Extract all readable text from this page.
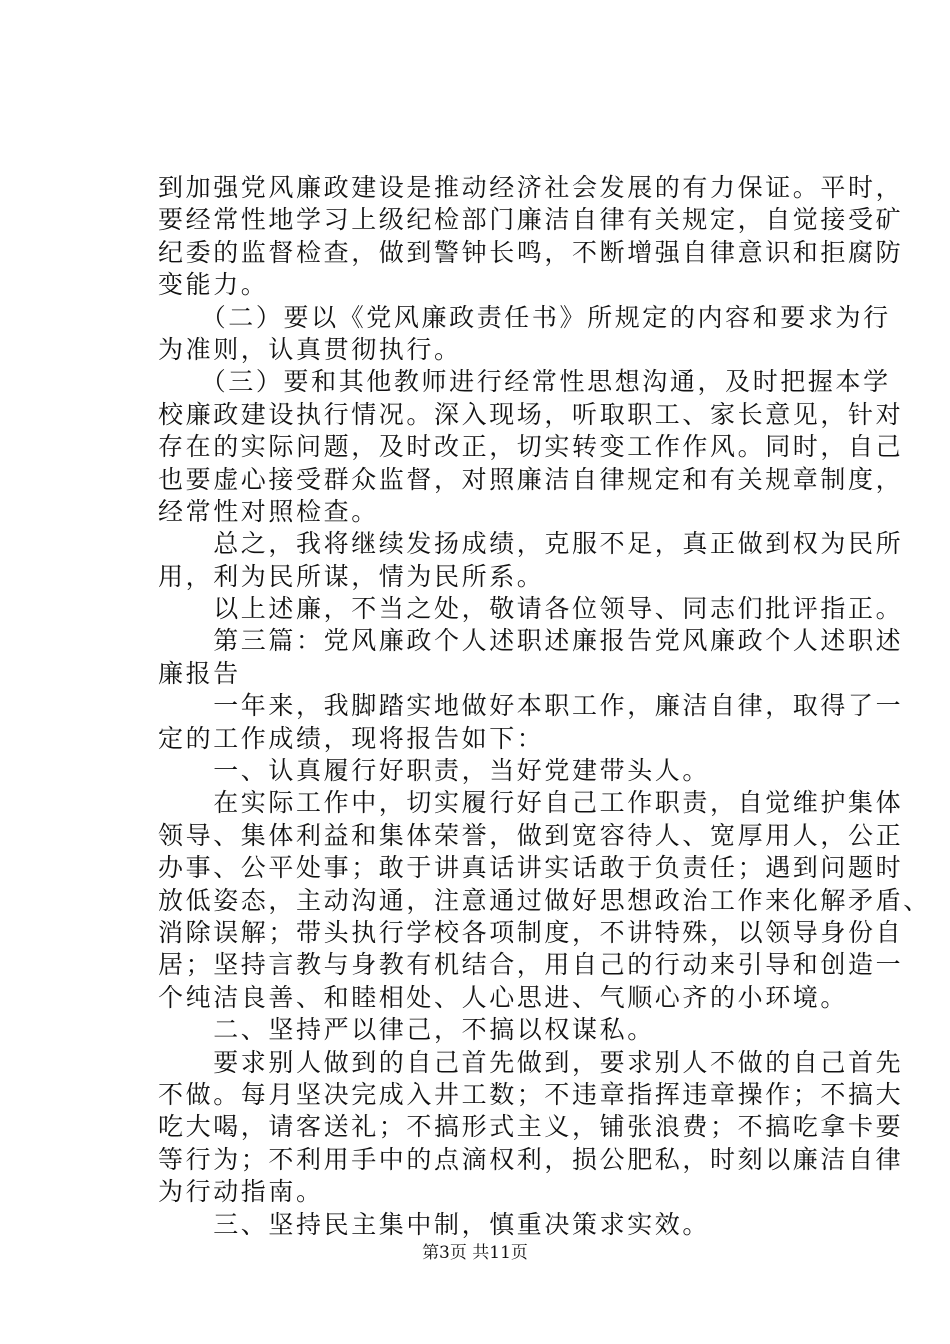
到加强党风廉政建设是推动经济社会发展的有力保证。平时，
要经常性地学习上级纪检部门廉洁自律有关规定，自觉接受矿
纪委的监督检查，做到警钟长鸣，不断增强自律意识和拒腐防
变能力。
　　（二）要以《党风廉政责任书》所规定的内容和要求为行
为准则，认真贯彻执行。
　　（三）要和其他教师进行经常性思想沟通，及时把握本学
校廉政建设执行情况。深入现场，听取职工、家长意见，针对
存在的实际问题，及时改正，切实转变工作作风。同时，自己
也要虚心接受群众监督，对照廉洁自律规定和有关规章制度，
经常性对照检查。
　　总之，我将继续发扬成绩，克服不足，真正做到权为民所
用，利为民所谋，情为民所系。
　　以上述廉，不当之处，敬请各位领导、同志们批评指正。
　　第三篇：党风廉政个人述职述廉报告党风廉政个人述职述
廉报告
　　一年来，我脚踏实地做好本职工作，廉洁自律，取得了一
定的工作成绩，现将报告如下：
　　一、认真履行好职责，当好党建带头人。
　　在实际工作中，切实履行好自己工作职责，自觉维护集体
领导、集体利益和集体荣誉，做到宽容待人、宽厚用人，公正
办事、公平处事；敢于讲真话讲实话敢于负责任；遇到问题时
放低姿态，主动沟通，注意通过做好思想政治工作来化解矛盾、
消除误解；带头执行学校各项制度，不讲特殊，以领导身份自
居；坚持言教与身教有机结合，用自己的行动来引导和创造一
个纯洁良善、和睦相处、人心思进、气顺心齐的小环境。
　　二、坚持严以律己，不搞以权谋私。
　　要求别人做到的自己首先做到，要求别人不做的自己首先
不做。每月坚决完成入井工数；不违章指挥违章操作；不搞大
吃大喝，请客送礼；不搞形式主义，铺张浪费；不搞吃拿卡要
等行为；不利用手中的点滴权利，损公肥私，时刻以廉洁自律
为行动指南。
　　三、坚持民主集中制，慎重决策求实效。
第3页 共11页
